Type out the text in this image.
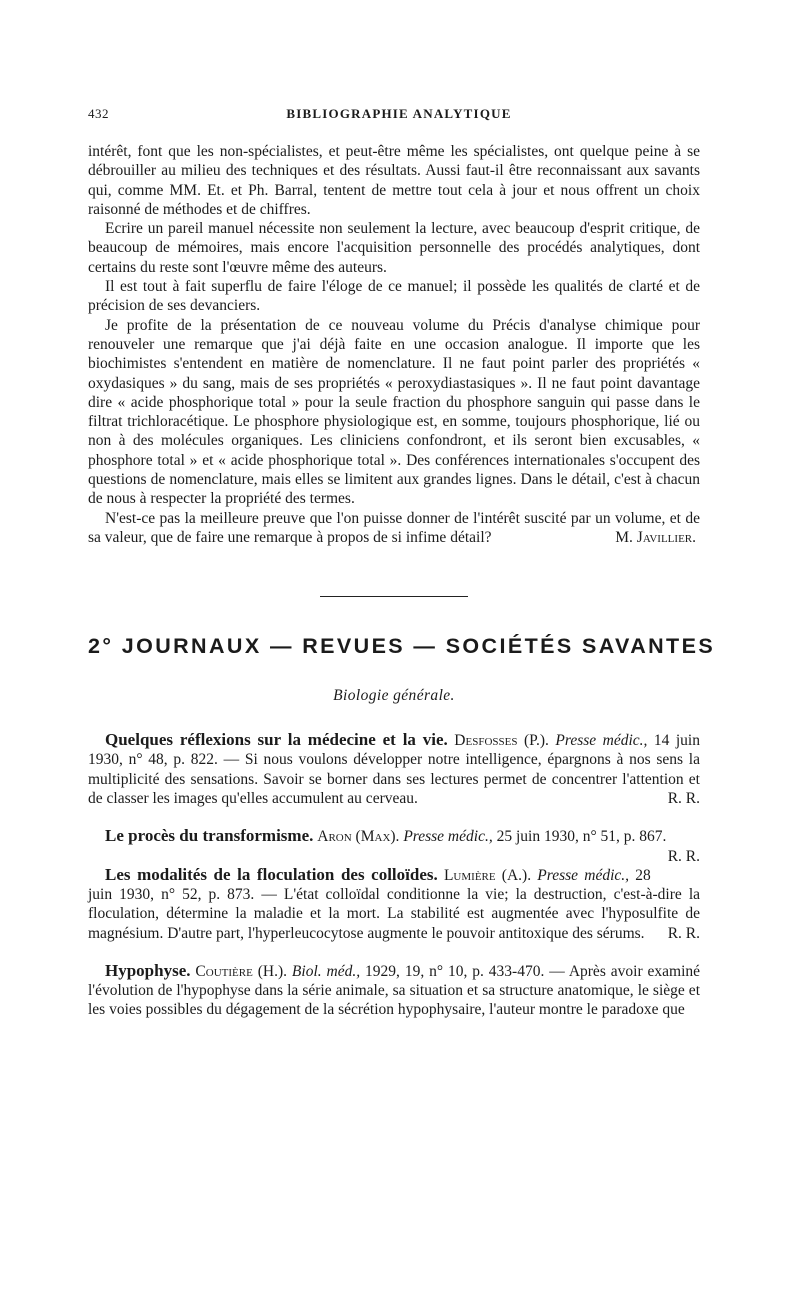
432	BIBLIOGRAPHIE ANALYTIQUE

intérêt, font que les non-spécialistes, et peut-être même les spécialistes, ont quelque peine à se débrouiller au milieu des techniques et des résultats. Aussi faut-il être reconnaissant aux savants qui, comme MM. Et. et Ph. Barral, tentent de mettre tout cela à jour et nous offrent un choix raisonné de méthodes et de chiffres.

Ecrire un pareil manuel nécessite non seulement la lecture, avec beaucoup d'esprit critique, de beaucoup de mémoires, mais encore l'acquisition personnelle des procédés analytiques, dont certains du reste sont l'œuvre même des auteurs.

Il est tout à fait superflu de faire l'éloge de ce manuel; il possède les qualités de clarté et de précision de ses devanciers.

Je profite de la présentation de ce nouveau volume du Précis d'analyse chimique pour renouveler une remarque que j'ai déjà faite en une occasion analogue. Il importe que les biochimistes s'entendent en matière de nomenclature. Il ne faut point parler des propriétés « oxydasiques » du sang, mais de ses propriétés « peroxydiastasiques ». Il ne faut point davantage dire « acide phosphorique total » pour la seule fraction du phosphore sanguin qui passe dans le filtrat trichloracétique. Le phosphore physiologique est, en somme, toujours phosphorique, lié ou non à des molécules organiques. Les cliniciens confondront, et ils seront bien excusables, « phosphore total » et « acide phosphorique total ». Des conférences internationales s'occupent des questions de nomenclature, mais elles se limitent aux grandes lignes. Dans le détail, c'est à chacun de nous à respecter la propriété des termes.

N'est-ce pas la meilleure preuve que l'on puisse donner de l'intérêt suscité par un volume, et de sa valeur, que de faire une remarque à propos de si infime détail?	M. Javillier.

2° JOURNAUX — REVUES — SOCIÉTÉS SAVANTES
Biologie générale.

Quelques réflexions sur la médecine et la vie. Desfosses (P.). Presse médic., 14 juin 1930, n° 48, p. 822. — Si nous voulons développer notre intelligence, épargnons à nos sens la multiplicité des sensations. Savoir se borner dans ses lectures permet de concentrer l'attention et de classer les images qu'elles accumulent au cerveau.	R. R.

Le procès du transformisme. Aron (Max). Presse médic., 25 juin 1930, n° 51, p. 867.
R. R.

Les modalités de la floculation des colloïdes. Lumière (A.). Presse médic., 28 juin 1930, n° 52, p. 873. — L'état colloïdal conditionne la vie; la destruction, c'est-à-dire la floculation, détermine la maladie et la mort. La stabilité est augmentée avec l'hyposulfite de magnésium. D'autre part, l'hyperleucocytose augmente le pouvoir antitoxique des sérums.	R. R.

Hypophyse. Coutière (H.). Biol. méd., 1929, 19, n° 10, p. 433-470. — Après avoir examiné l'évolution de l'hypophyse dans la série animale, sa situation et sa structure anatomique, le siège et les voies possibles du dégagement de la sécrétion hypophysaire, l'auteur montre le paradoxe que
